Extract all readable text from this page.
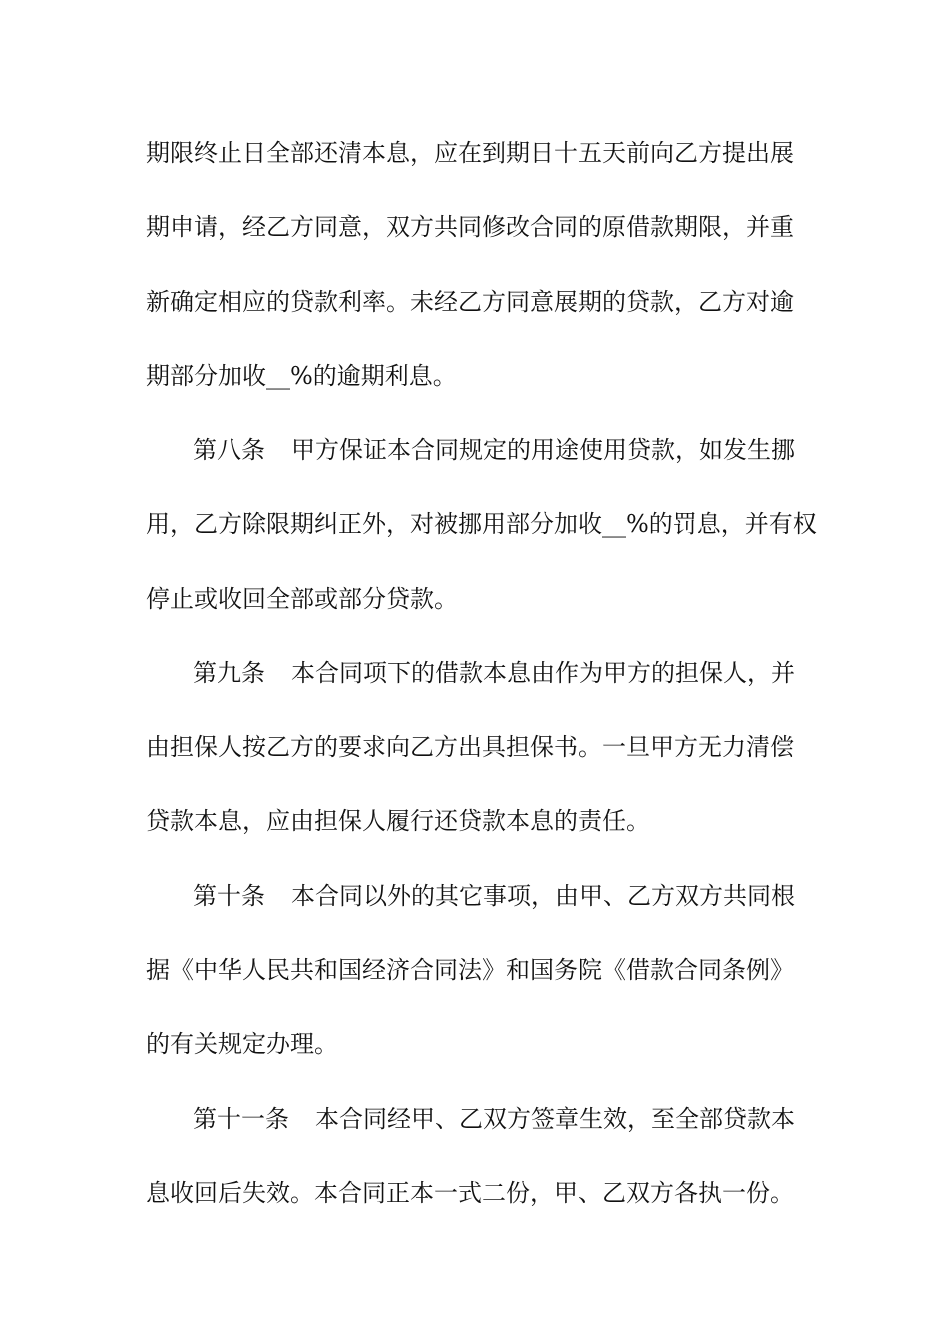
期限终止日全部还清本息，应在到期日十五天前向乙方提出展
期申请，经乙方同意，双方共同修改合同的原借款期限，并重
新确定相应的贷款利率。未经乙方同意展期的贷款，乙方对逾
期部分加收__%的逾期利息。
第八条 甲方保证本合同规定的用途使用贷款，如发生挪
用，乙方除限期纠正外，对被挪用部分加收__%的罚息，并有权
停止或收回全部或部分贷款。
第九条 本合同项下的借款本息由作为甲方的担保人，并
由担保人按乙方的要求向乙方出具担保书。一旦甲方无力清偿
贷款本息，应由担保人履行还贷款本息的责任。
第十条 本合同以外的其它事项，由甲、乙方双方共同根
据《中华人民共和国经济合同法》和国务院《借款合同条例》
的有关规定办理。
第十一条 本合同经甲、乙双方签章生效，至全部贷款本
息收回后失效。本合同正本一式二份，甲、乙双方各执一份。
